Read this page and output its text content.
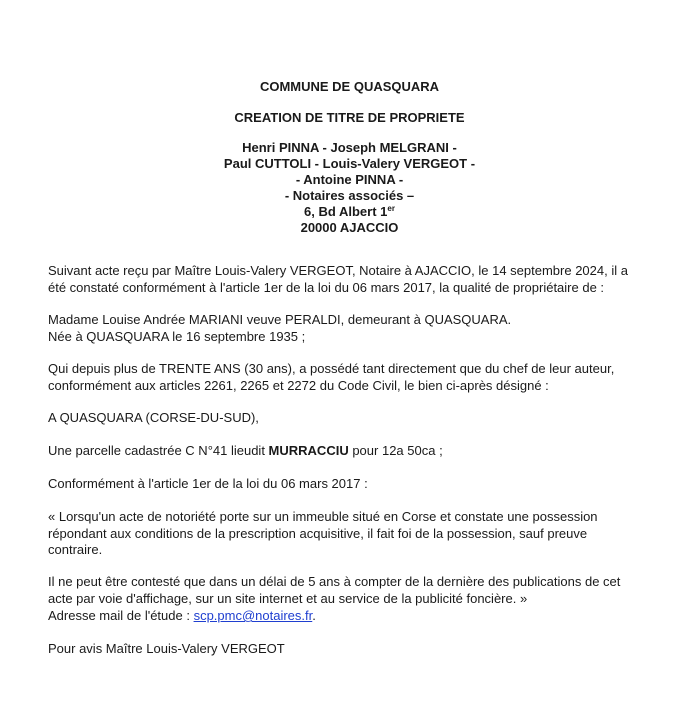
COMMUNE DE QUASQUARA
CREATION DE TITRE DE PROPRIETE
Henri PINNA - Joseph MELGRANI -
Paul CUTTOLI - Louis-Valery VERGEOT -
- Antoine PINNA -
- Notaires associés –
6, Bd Albert 1er
20000 AJACCIO
Suivant acte reçu par Maître Louis-Valery VERGEOT, Notaire à AJACCIO, le 14 septembre 2024, il a
été constaté conformément à l'article 1er de la loi du 06 mars 2017, la qualité de propriétaire de :
Madame Louise Andrée MARIANI veuve PERALDI, demeurant à QUASQUARA.
Née à QUASQUARA le 16 septembre 1935 ;
Qui depuis plus de TRENTE ANS (30 ans), a possédé tant directement que du chef de leur auteur,
conformément aux articles 2261, 2265 et 2272 du Code Civil, le bien ci-après désigné :
A QUASQUARA (CORSE-DU-SUD),
Une parcelle cadastrée C N°41 lieudit MURRACCIU pour 12a 50ca ;
Conformément à l'article 1er de la loi du 06 mars 2017 :
« Lorsqu'un acte de notoriété porte sur un immeuble situé en Corse et constate une possession
répondant aux conditions de la prescription acquisitive, il fait foi de la possession, sauf preuve
contraire.
Il ne peut être contesté que dans un délai de 5 ans à compter de la dernière des publications de cet
acte par voie d'affichage, sur un site internet et au service de la publicité foncière. »
Adresse mail de l'étude : scp.pmc@notaires.fr.
Pour avis Maître Louis-Valery VERGEOT
